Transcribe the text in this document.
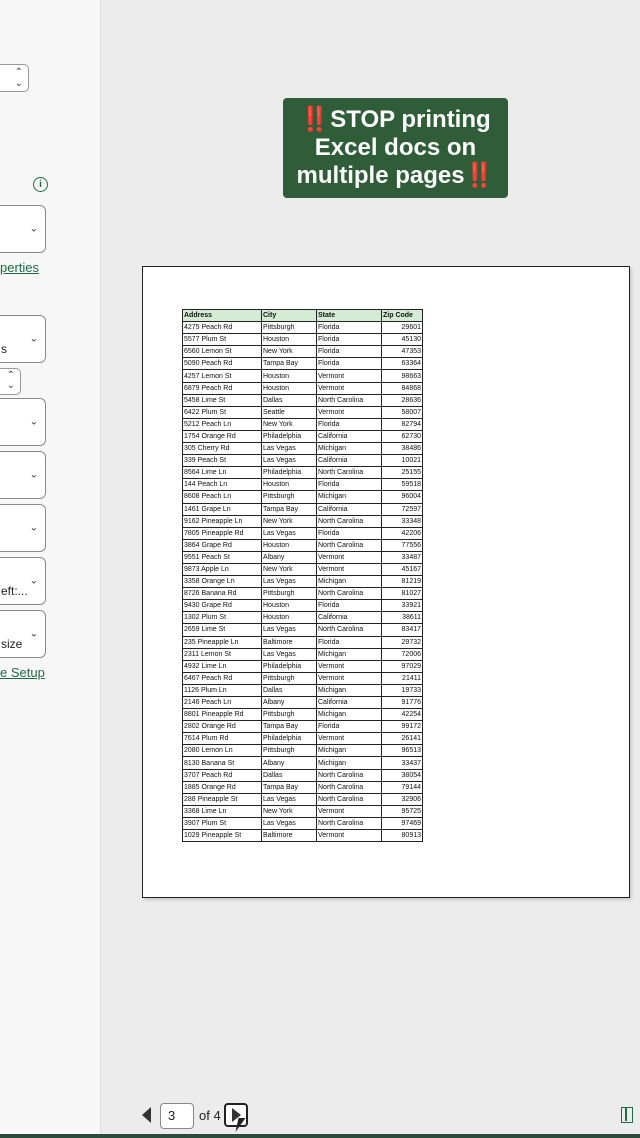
⌃
⌄
i
⌄
perties
s
⌄
⌃
⌄
⌄
⌄
⌄
eft:...
⌄
size
⌄
e Setup
‼️STOP printing
Excel docs on
multiple pages‼️
Address	City	State	Zip Code
4275 Peach Rd	Pittsburgh	Florida	29601
5577 Plum St	Houston	Florida	45130
6560 Lemon St	New York	Florida	47353
5090 Peach Rd	Tampa Bay	Florida	63364
4257 Lemon St	Houston	Vermont	98663
6879 Peach Rd	Houston	Vermont	84868
5458 Lime St	Dallas	North Carolina	28636
6422 Plum St	Seattle	Vermont	58007
5212 Peach Ln	New York	Florida	82794
1754 Orange Rd	Philadelphia	California	62730
305 Cherry Rd	Las Vegas	Michigan	38486
339 Peach St	Las Vegas	California	10021
8564 Lime Ln	Philadelphia	North Carolina	25155
144 Peach Ln	Houston	Florida	59518
8608 Peach Ln	Pittsburgh	Michigan	96004
1461 Grape Ln	Tampa Bay	California	72597
9162 Pineapple Ln	New York	North Carolina	33348
7805 Pineapple Rd	Las Vegas	Florida	42206
3864 Grape Rd	Houston	North Carolina	77556
9551 Peach St	Albany	Vermont	33487
9873 Apple Ln	New York	Vermont	45167
3358 Orange Ln	Las Vegas	Michigan	81219
8726 Banana Rd	Pittsburgh	North Carolina	81027
9430 Grape Rd	Houston	Florida	33921
1302 Plum St	Houston	California	38611
2659 Lime St	Las Vegas	North Carolina	83417
235 Pineapple Ln	Baltimore	Florida	29732
2311 Lemon St	Las Vegas	Michigan	72006
4932 Lime Ln	Philadelphia	Vermont	97029
6467 Peach Rd	Pittsburgh	Vermont	21411
1126 Plum Ln	Dallas	Michigan	19733
2146 Peach Ln	Albany	California	91776
8801 Pineapple Rd	Pittsburgh	Michigan	42254
2802 Orange Rd	Tampa Bay	Florida	99172
7614 Plum Rd	Philadelphia	Vermont	26141
2080 Lemon Ln	Pittsburgh	Michigan	96513
8130 Banana St	Albany	Michigan	33437
3707 Peach Rd	Dallas	North Carolina	38054
1885 Orange Rd	Tampa Bay	North Carolina	79144
288 Pineapple St	Las Vegas	North Carolina	32906
3368 Lime Ln	New York	Vermont	95725
3907 Plum St	Las Vegas	North Carolina	97469
1029 Pineapple St	Baltimore	Vermont	80913
3	of 4
